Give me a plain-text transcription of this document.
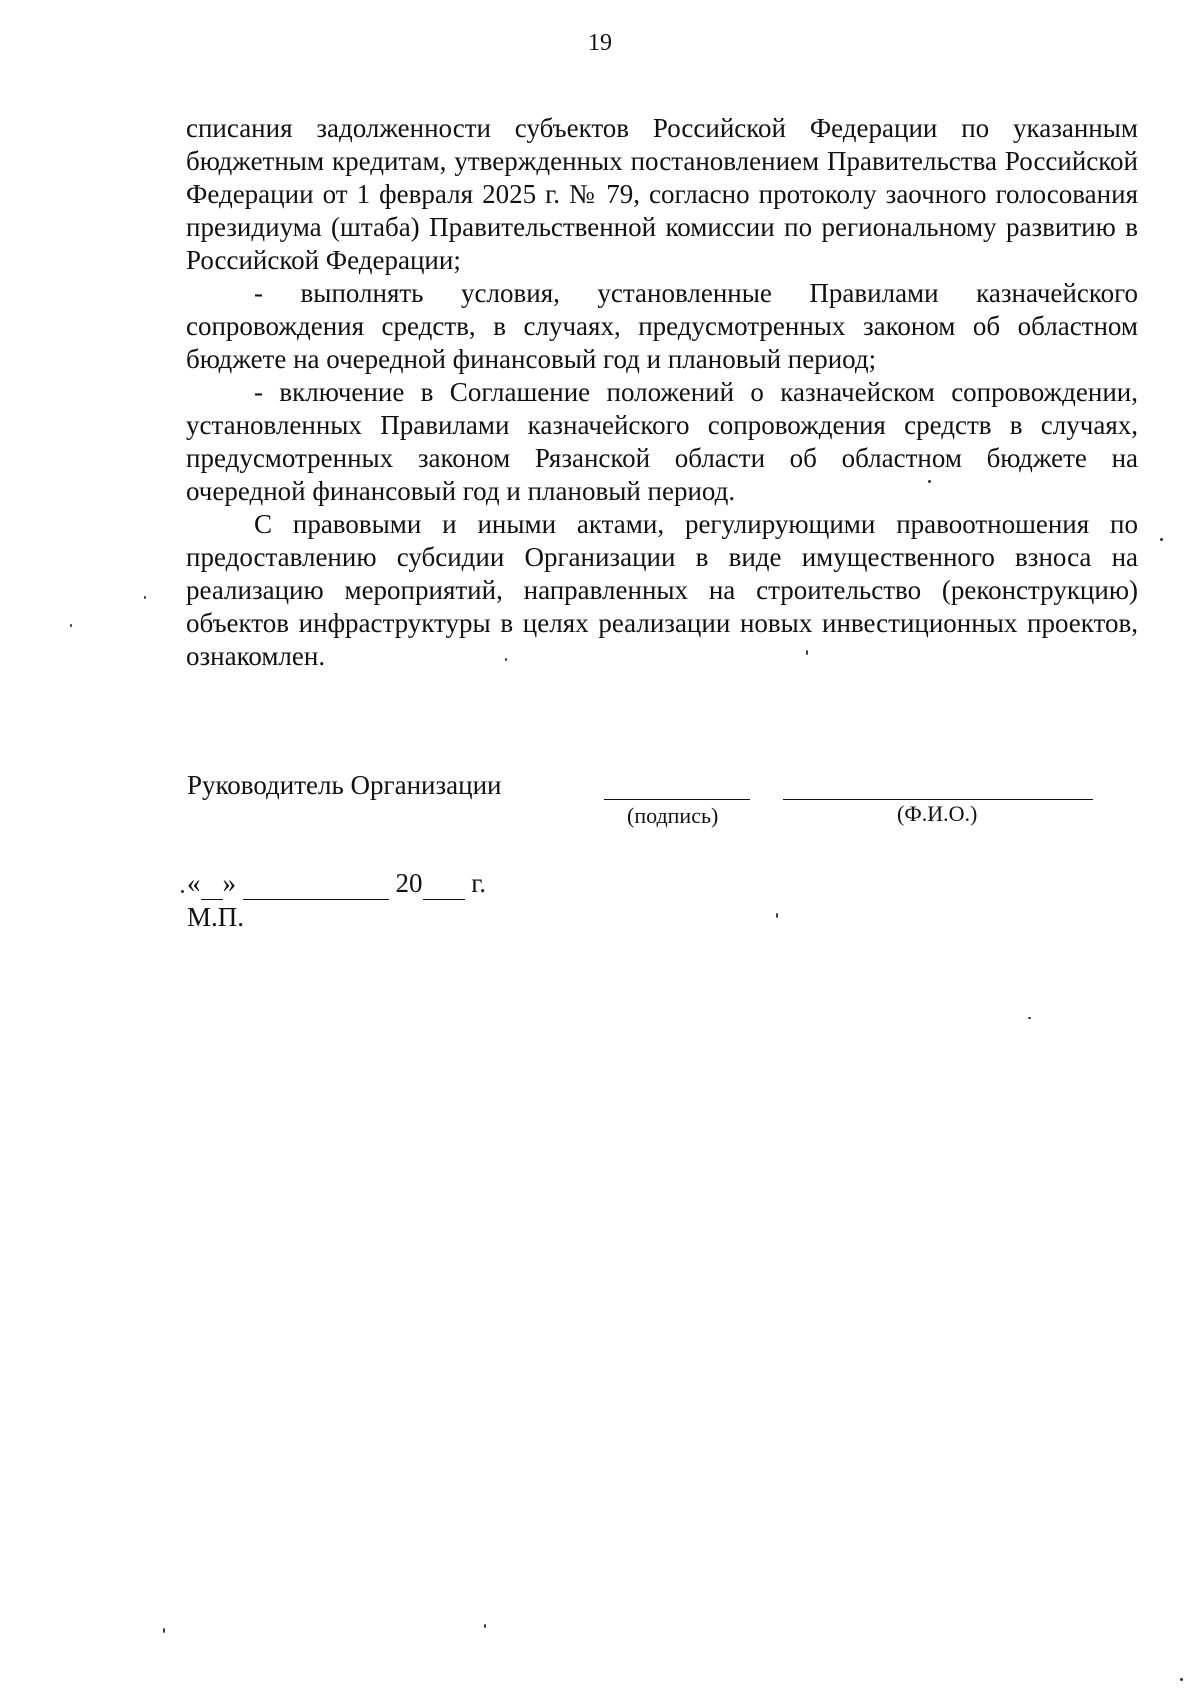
19

списания задолженности субъектов Российской Федерации по указанным бюджетным кредитам, утвержденных постановлением Правительства Российской Федерации от 1 февраля 2025 г. № 79, согласно протоколу заочного голосования президиума (штаба) Правительственной комиссии по региональному развитию в Российской Федерации;

- выполнять условия, установленные Правилами казначейского сопровождения средств, в случаях, предусмотренных законом об областном бюджете на очередной финансовый год и плановый период;

- включение в Соглашение положений о казначейском сопровождении, установленных Правилами казначейского сопровождения средств в случаях, предусмотренных законом Рязанской области об областном бюджете на очередной финансовый год и плановый период.

С правовыми и иными актами, регулирующими правоотношения по предоставлению субсидии Организации в виде имущественного взноса на реализацию мероприятий, направленных на строительство (реконструкцию) объектов инфраструктуры в целях реализации новых инвестиционных проектов, ознакомлен.

Руководитель Организации
(подпись)	(Ф.И.О.)
« »	20 г.
М.П.
